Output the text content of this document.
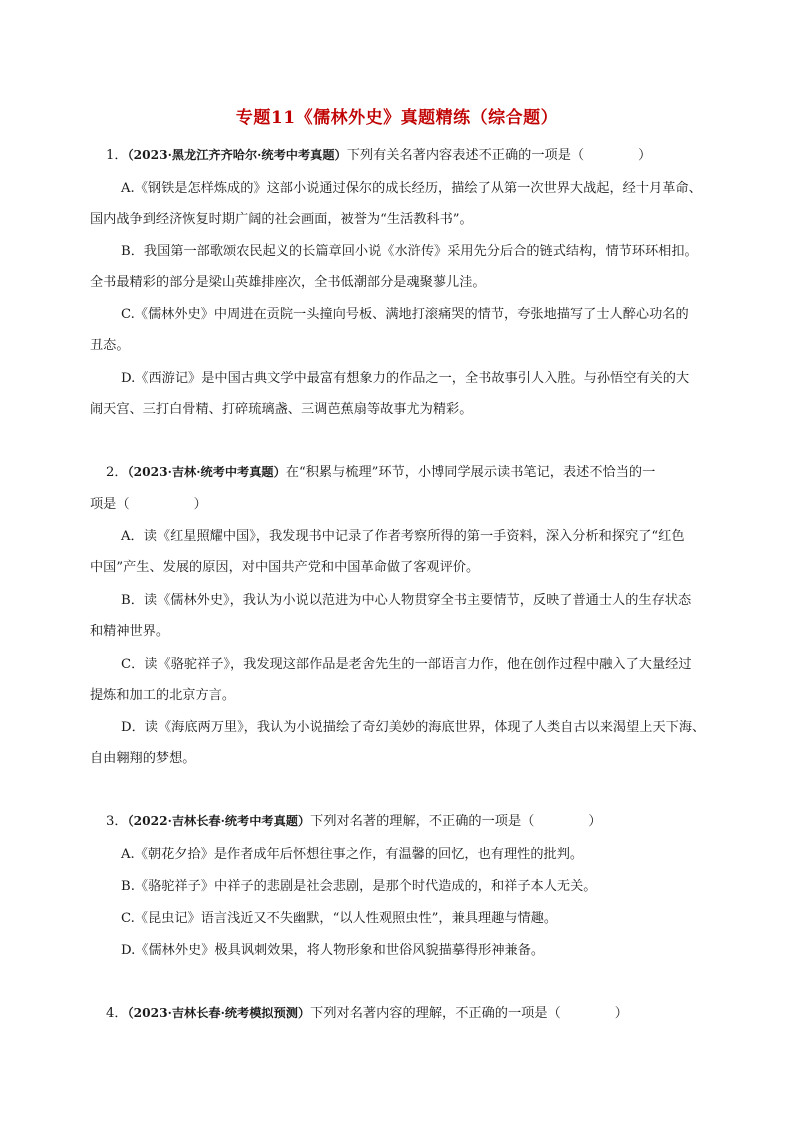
专题11《儒林外史》真题精练（综合题）
1．（2023·黑龙江齐齐哈尔·统考中考真题）下列有关名著内容表述不正确的一项是（	）
A.《钢铁是怎样炼成的》这部小说通过保尔的成长经历，描绘了从第一次世界大战起，经十月革命、
国内战争到经济恢复时期广阔的社会画面，被誉为“生活教科书”。
B．我国第一部歌颂农民起义的长篇章回小说《水浒传》采用先分后合的链式结构，情节环环相扣。
全书最精彩的部分是梁山英雄排座次，全书低潮部分是魂聚蓼儿洼。
C.《儒林外史》中周进在贡院一头撞向号板、满地打滚痛哭的情节，夸张地描写了士人醉心功名的
丑态。
D.《西游记》是中国古典文学中最富有想象力的作品之一，全书故事引人入胜。与孙悟空有关的大
闹天宫、三打白骨精、打碎琉璃盏、三调芭蕉扇等故事尤为精彩。
2．（2023·吉林·统考中考真题）在“积累与梳理”环节，小博同学展示读书笔记，表述不恰当的一
项是（	）
A．读《红星照耀中国》，我发现书中记录了作者考察所得的第一手资料，深入分析和探究了“红色
中国”产生、发展的原因，对中国共产党和中国革命做了客观评价。
B．读《儒林外史》，我认为小说以范进为中心人物贯穿全书主要情节，反映了普通士人的生存状态
和精神世界。
C．读《骆驼祥子》，我发现这部作品是老舍先生的一部语言力作，他在创作过程中融入了大量经过
提炼和加工的北京方言。
D．读《海底两万里》，我认为小说描绘了奇幻美妙的海底世界，体现了人类自古以来渴望上天下海、
自由翱翔的梦想。
3．（2022·吉林长春·统考中考真题）下列对名著的理解，不正确的一项是（	）
A.《朝花夕拾》是作者成年后怀想往事之作，有温馨的回忆，也有理性的批判。
B.《骆驼祥子》中祥子的悲剧是社会悲剧，是那个时代造成的，和祥子本人无关。
C.《昆虫记》语言浅近又不失幽默，“以人性观照虫性”，兼具理趣与情趣。
D.《儒林外史》极具讽刺效果，将人物形象和世俗风貌描摹得形神兼备。
4．（2023·吉林长春·统考模拟预测）下列对名著内容的理解，不正确的一项是（	）
